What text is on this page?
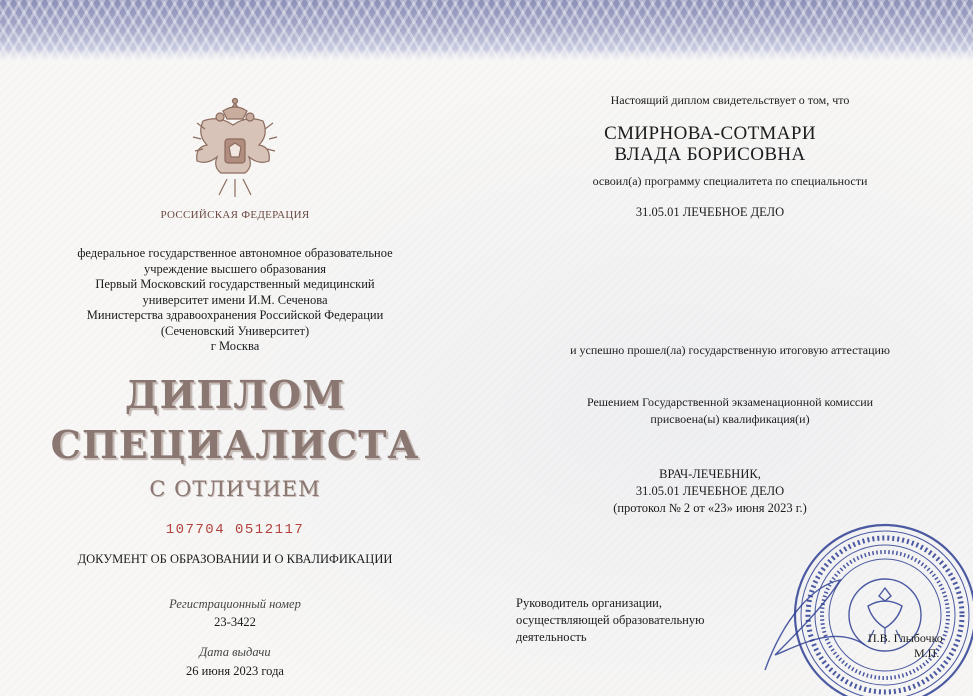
РОССИЙСКАЯ ФЕДЕРАЦИЯ
федеральное государственное автономное образовательное
учреждение высшего образования
Первый Московский государственный медицинский
университет имени И.М. Сеченова
Министерства здравоохранения Российской Федерации
(Сеченовский Университет)
г Москва
ДИПЛОМ
СПЕЦИАЛИСТА
С ОТЛИЧИЕМ
107704 0512117
ДОКУМЕНТ ОБ ОБРАЗОВАНИИ И О КВАЛИФИКАЦИИ
Регистрационный номер
23-3422
Дата выдачи
26 июня 2023 года
Настоящий диплом свидетельствует о том, что
СМИРНОВА-СОТМАРИ
ВЛАДА БОРИСОВНА
освоил(а) программу специалитета по специальности
31.05.01 ЛЕЧЕБНОЕ ДЕЛО
и успешно прошел(ла) государственную итоговую аттестацию
Решением Государственной экзаменационной комиссии
присвоена(ы) квалификация(и)
ВРАЧ-ЛЕЧЕБНИК,
31.05.01 ЛЕЧЕБНОЕ ДЕЛО
(протокол № 2 от «23» июня 2023 г.)
Руководитель организации,
осуществляющей образовательную
деятельность	П.В. Глыбочко
М.П.
